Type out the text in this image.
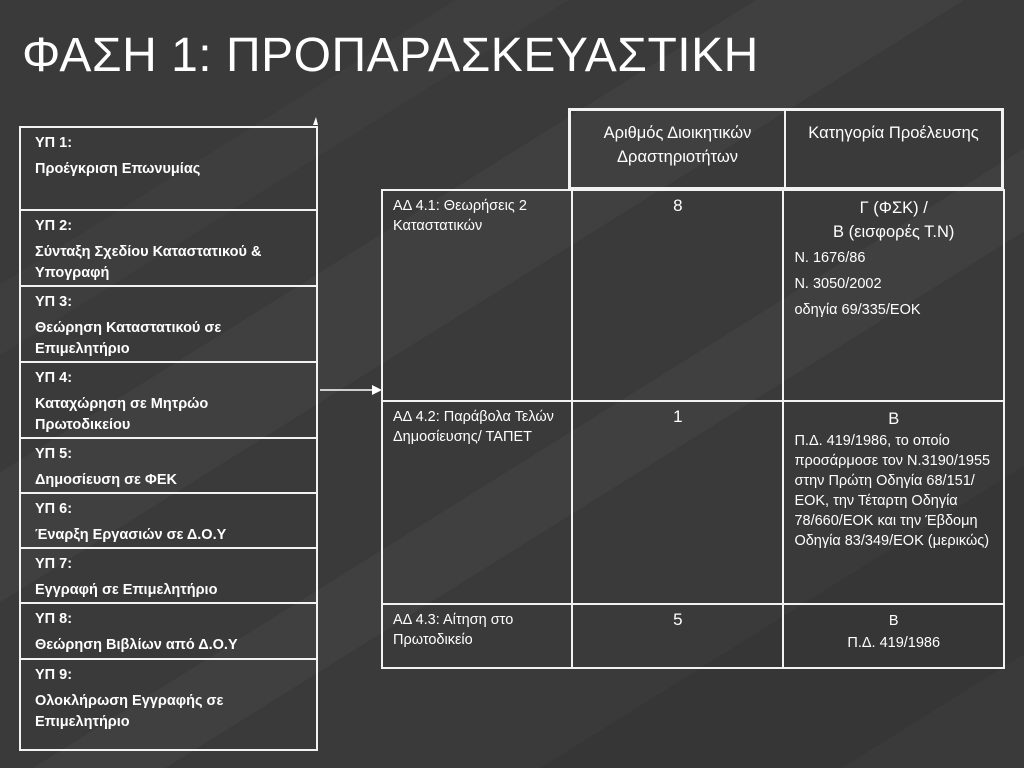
ΦΑΣΗ 1: ΠΡΟΠΑΡΑΣΚΕΥΑΣΤΙΚΗ
ΥΠ 1:
Προέγκριση Επωνυμίας
ΥΠ 2:
Σύνταξη Σχεδίου Καταστατικού & Υπογραφή
ΥΠ 3:
Θεώρηση Καταστατικού σε Επιμελητήριο
ΥΠ 4:
Καταχώρηση σε Μητρώο Πρωτοδικείου
ΥΠ 5:
Δημοσίευση σε ΦΕΚ
ΥΠ 6:
Έναρξη Εργασιών σε Δ.Ο.Υ
ΥΠ 7:
Εγγραφή σε Επιμελητήριο
ΥΠ 8:
Θεώρηση Βιβλίων από Δ.Ο.Υ
ΥΠ 9:
Ολοκλήρωση Εγγραφής σε Επιμελητήριο
Αριθμός Διοικητικών Δραστηριοτήτων
Κατηγορία Προέλευσης
ΑΔ 4.1: Θεωρήσεις 2 Καταστατικών	8	Γ (ΦΣΚ) /
Β (εισφορές Τ.Ν)
Ν. 1676/86
Ν. 3050/2002
οδηγία 69/335/ΕΟΚ

ΑΔ 4.2: Παράβολα Τελών Δημοσίευσης/ ΤΑΠΕΤ	1	Β
Π.Δ. 419/1986, το οποίο προσάρμοσε τον Ν.3190/1955 στην Πρώτη Οδηγία 68/151/ΕΟΚ, την Τέταρτη Οδηγία 78/660/ΕΟΚ και την Έβδομη Οδηγία 83/349/ΕΟΚ (μερικώς)

ΑΔ 4.3: Αίτηση στο Πρωτοδικείο	5	Β
Π.Δ. 419/1986
